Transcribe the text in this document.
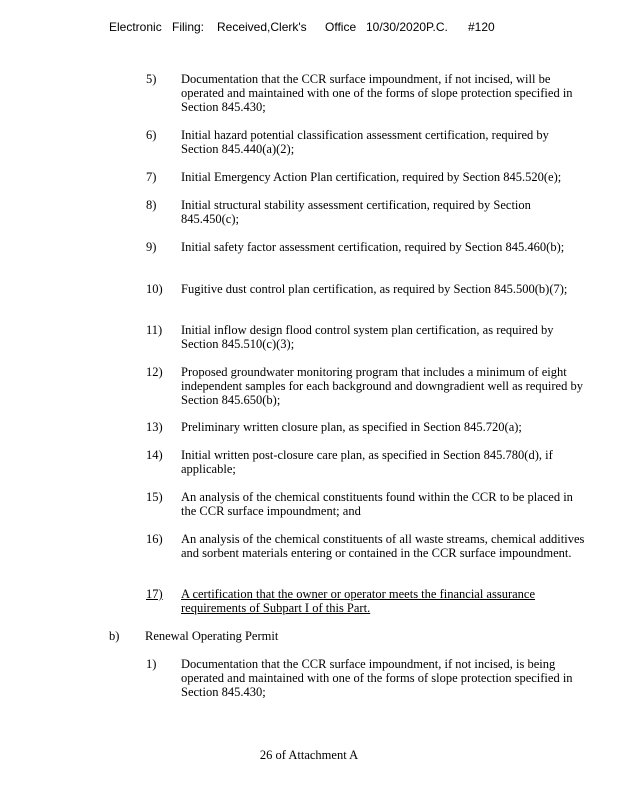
Electronic Filing: Received,Clerk's Office 10/30/2020P.C. #120
5) Documentation that the CCR surface impoundment, if not incised, will be operated and maintained with one of the forms of slope protection specified in Section 845.430;
6) Initial hazard potential classification assessment certification, required by Section 845.440(a)(2);
7) Initial Emergency Action Plan certification, required by Section 845.520(e);
8) Initial structural stability assessment certification, required by Section 845.450(c);
9) Initial safety factor assessment certification, required by Section 845.460(b);
10) Fugitive dust control plan certification, as required by Section 845.500(b)(7);
11) Initial inflow design flood control system plan certification, as required by Section 845.510(c)(3);
12) Proposed groundwater monitoring program that includes a minimum of eight independent samples for each background and downgradient well as required by Section 845.650(b);
13) Preliminary written closure plan, as specified in Section 845.720(a);
14) Initial written post-closure care plan, as specified in Section 845.780(d), if applicable;
15) An analysis of the chemical constituents found within the CCR to be placed in the CCR surface impoundment; and
16) An analysis of the chemical constituents of all waste streams, chemical additives and sorbent materials entering or contained in the CCR surface impoundment.
17) A certification that the owner or operator meets the financial assurance requirements of Subpart I of this Part.
b) Renewal Operating Permit
1) Documentation that the CCR surface impoundment, if not incised, is being operated and maintained with one of the forms of slope protection specified in Section 845.430;
26 of Attachment A
